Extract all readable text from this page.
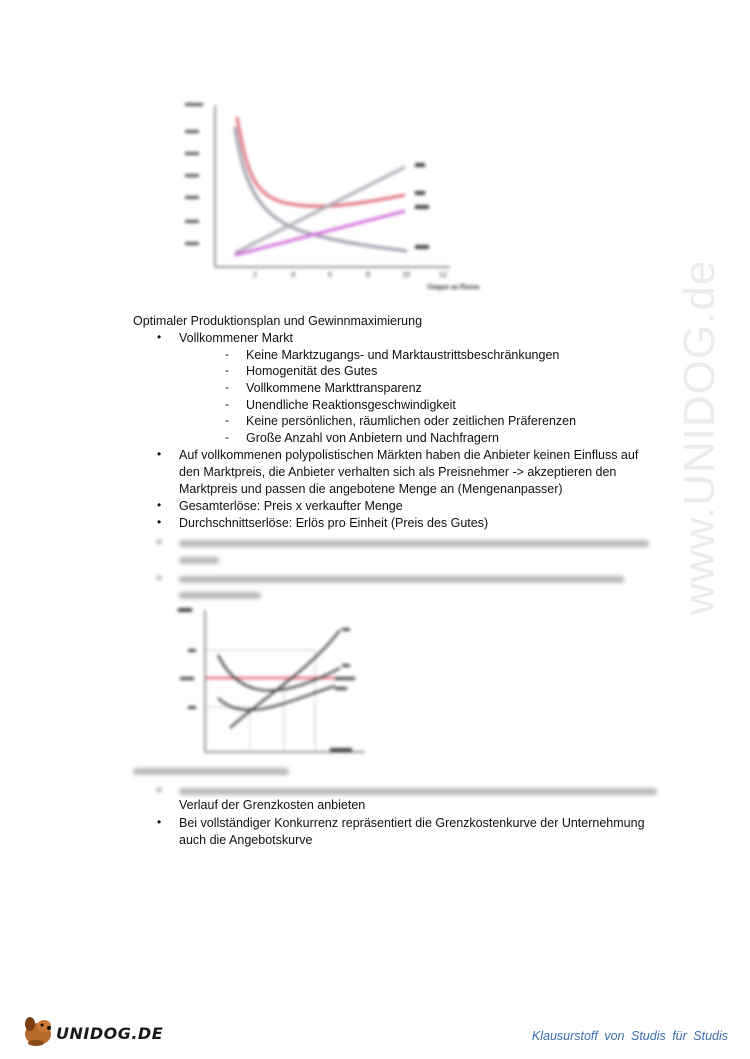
www.UNIDOG.de
2	4	6	8	10	12
Output an Pizzen
Optimaler Produktionsplan und Gewinnmaximierung
• Vollkommener Markt
- Keine Marktzugangs- und Marktaustrittsbeschränkungen
- Homogenität des Gutes
- Vollkommene Markttransparenz
- Unendliche Reaktionsgeschwindigkeit
- Keine persönlichen, räumlichen oder zeitlichen Präferenzen
- Große Anzahl von Anbietern und Nachfragern
• Auf vollkommenen polypolistischen Märkten haben die Anbieter keinen Einfluss auf
den Marktpreis, die Anbieter verhalten sich als Preisnehmer -> akzeptieren den
Marktpreis und passen die angebotene Menge an (Mengenanpasser)
• Gesamterlöse: Preis x verkaufter Menge
• Durchschnittserlöse: Erlös pro Einheit (Preis des Gutes)
•
•
•
Verlauf der Grenzkosten anbieten
• Bei vollständiger Konkurrenz repräsentiert die Grenzkostenkurve der Unternehmung
auch die Angebotskurve
UNIDOG.DE	Klausurstoff von Studis für Studis
